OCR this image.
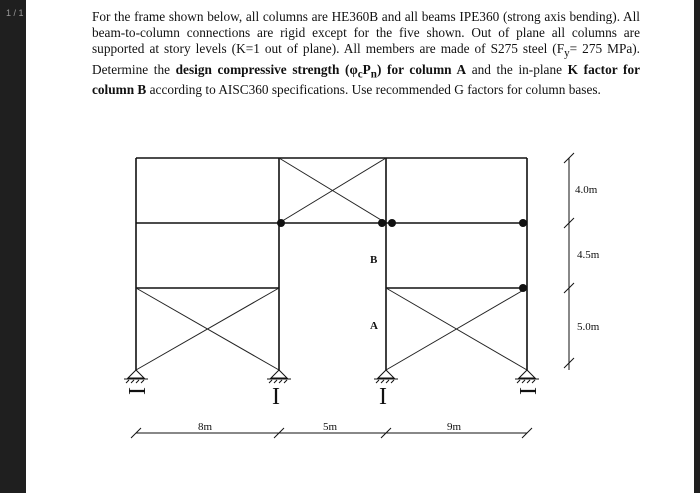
1 / 1	For the frame shown below, all columns are HE360B and all beams IPE360 (strong axis bending). All beam-to-column connections are rigid except for the five shown. Out of plane all columns are supported at story levels (K=1 out of plane). All members are made of S275 steel ($F_y= 275$ MPa). Determine the design compressive strength $(\varphi_cP_n)$ for column A and the in-plane K factor for column B according to AISC360 specifications. Use recommended G factors for column bases.

B
A
I	I	I	I
8m	5m	9m
4.0m
4.5m
5.0m
